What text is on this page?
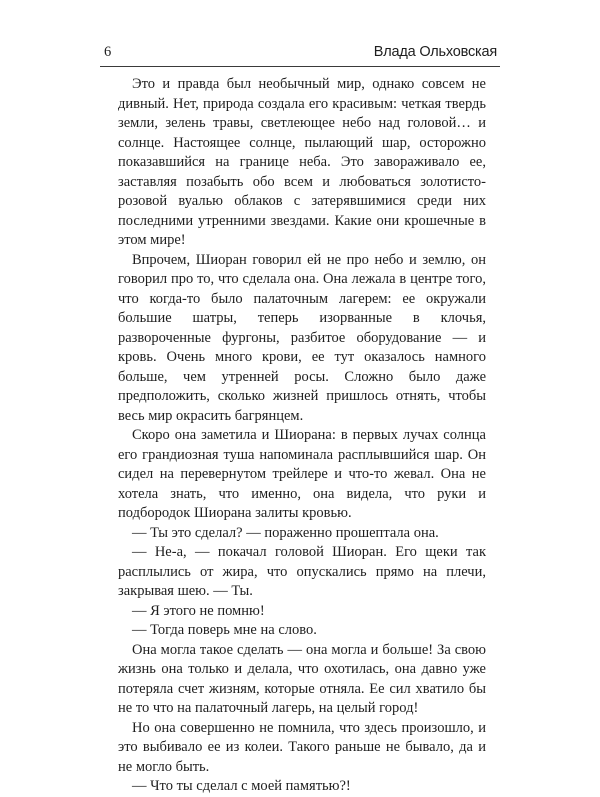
6	Влада Ольховская

Это и правда был необычный мир, однако совсем не дивный. Нет, природа создала его красивым: четкая твердь земли, зелень травы, светлеющее небо над головой… и солнце. Настоящее солнце, пылающий шар, осторожно показавшийся на границе неба. Это завораживало ее, заставляя позабыть обо всем и любоваться золотисто-розовой вуалью облаков с затерявшимися среди них последними утренними звездами. Какие они крошечные в этом мире!

Впрочем, Шиоран говорил ей не про небо и землю, он говорил про то, что сделала она. Она лежала в центре того, что когда-то было палаточным лагерем: ее окружали большие шатры, теперь изорванные в клочья, развороченные фургоны, разбитое оборудование — и кровь. Очень много крови, ее тут оказалось намного больше, чем утренней росы. Сложно было даже предположить, сколько жизней пришлось отнять, чтобы весь мир окрасить багрянцем.

Скоро она заметила и Шиорана: в первых лучах солнца его грандиозная туша напоминала расплывшийся шар. Он сидел на перевернутом трейлере и что-то жевал. Она не хотела знать, что именно, она видела, что руки и подбородок Шиорана залиты кровью.

— Ты это сделал? — пораженно прошептала она.

— Не-а, — покачал головой Шиоран. Его щеки так расплылись от жира, что опускались прямо на плечи, закрывая шею. — Ты.

— Я этого не помню!

— Тогда поверь мне на слово.

Она могла такое сделать — она могла и больше! За свою жизнь она только и делала, что охотилась, она давно уже потеряла счет жизням, которые отняла. Ее сил хватило бы не то что на палаточный лагерь, на целый город!

Но она совершенно не помнила, что здесь произошло, и это выбивало ее из колеи. Такого раньше не бывало, да и не могло быть.

— Что ты сделал с моей памятью?!
